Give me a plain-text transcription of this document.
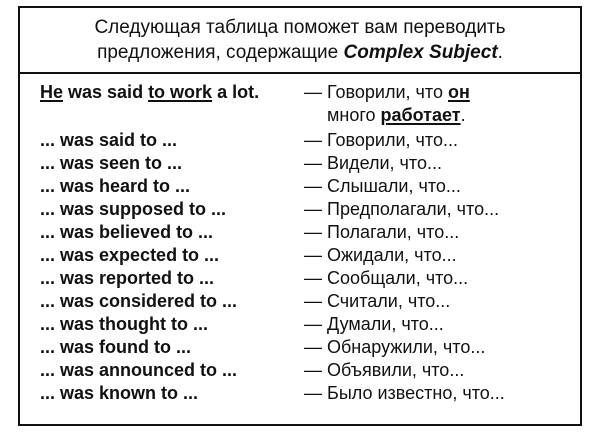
Следующая таблица поможет вам переводить
предложения, содержащие Complex Subject.
He was said to work a lot. — Говорили, что он
много работает.
... was said to ...	— Говорили, что...
... was seen to ...	— Видели, что...
... was heard to ...	— Слышали, что...
... was supposed to ...	— Предполагали, что...
... was believed to ...	— Полагали, что...
... was expected to ...	— Ожидали, что...
... was reported to ...	— Сообщали, что...
... was considered to ...	— Считали, что...
... was thought to ...	— Думали, что...
... was found to ...	— Обнаружили, что...
... was announced to ...	— Объявили, что...
... was known to ...	— Было известно, что...
